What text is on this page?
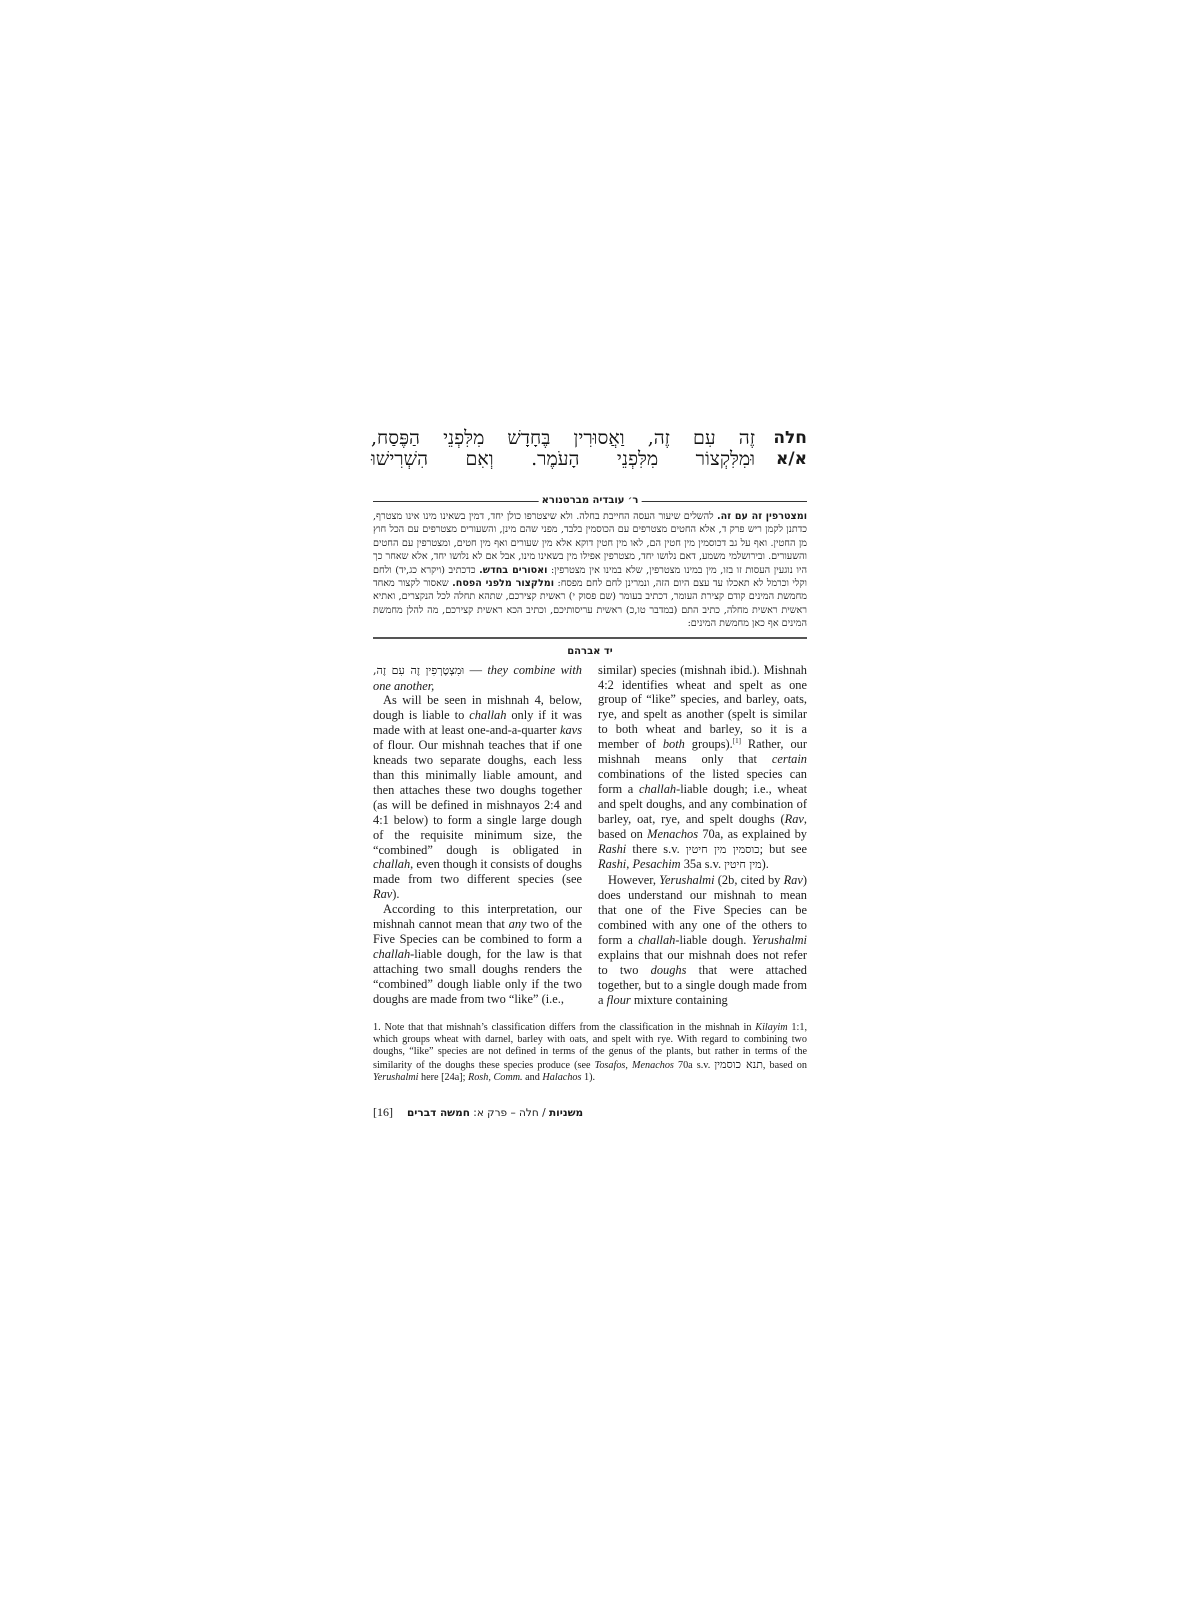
זֶה עִם זֶה, וַאֲסוּרִין בֶּחָדָשׁ מִלִּפְנֵי הַפֶּסַח,
וּמִלִּקְצוֹר מִלִּפְנֵי הָעֹמֶר. וְאִם הִשְׁרִישׁוּ
חלה
א/א
ר׳ עובדיה מברטנורא
ומצטרפין זה עם זה. להשלים שיעור העסה החייבת בחלה. ולא שיצטרפו כולן יחד, דמין בשאינו מינו אינו מצטרף, כדתנן לקמן ריש פרק ד, אלא החטים מצטרפים עם הכוסמין בלבד, מפני שהם מינן, והשעורים מצטרפים עם הכל חוץ מן החטין. ואף על גב דכוסמין מין חטין הם, לאו מין חטין דוקא אלא מין שעורים ואף מין חטים, ומצטרפין עם החטים והשעורים. ובירושלמי משמע, דאם נלושו יחד, מצטרפין אפילו מין בשאינו מינו, אבל אם לא נלושו יחד, אלא שאחר כך היו נוגעין העסות זו בזו, מין במינו מצטרפין, שלא במינו אין מצטרפין: ואסורים בחדש. כדכתיב (ויקרא כג,יד) ולחם וקלי וכרמל לא תאכלו עד עצם היום הזה, ונמרינן לחם לחם מפסח: ומלקצור מלפני הפסח. שאסור לקצור מאחד מחמשת המינים קודם קצירת העומר, דכתיב בעומר (שם פסוק י) ראשית קצירכם, שתהא תחלה לכל הנקצרים, ואתיא ראשית ראשית מחלה, כתיב התם (במדבר טו,כ) ראשית עריסותיכם, וכתיב הכא ראשית קצירכם, מה להלן מחמשת המינים אף כאן מחמשת המינים:
יד אברהם

וּמִצְטָרְפִין זֶה עִם זֶה, — they combine with one another,

As will be seen in mishnah 4, below, dough is liable to challah only if it was made with at least one-and-a-quarter kavs of flour. Our mishnah teaches that if one kneads two separate doughs, each less than this minimally liable amount, and then attaches these two doughs together (as will be defined in mishnayos 2:4 and 4:1 below) to form a single large dough of the requisite minimum size, the “combined” dough is obligated in challah, even though it consists of doughs made from two different species (see Rav).

According to this interpretation, our mishnah cannot mean that any two of the Five Species can be combined to form a challah-liable dough, for the law is that attaching two small doughs renders the “combined” dough liable only if the two doughs are made from two “like” (i.e.,

similar) species (mishnah ibid.). Mishnah 4:2 identifies wheat and spelt as one group of “like” species, and barley, oats, rye, and spelt as another (spelt is similar to both wheat and barley, so it is a member of both groups).[1] Rather, our mishnah means only that certain combinations of the listed species can form a challah-liable dough; i.e., wheat and spelt doughs, and any combination of barley, oat, rye, and spelt doughs (Rav, based on Menachos 70a, as explained by Rashi there s.v. כוסמין מין חיטין; but see Rashi, Pesachim 35a s.v. מין חיטין).

However, Yerushalmi (2b, cited by Rav) does understand our mishnah to mean that one of the Five Species can be combined with any one of the others to form a challah-liable dough. Yerushalmi explains that our mishnah does not refer to two doughs that were attached together, but to a single dough made from a flour mixture containing

1. Note that that mishnah’s classification differs from the classification in the mishnah in Kilayim 1:1, which groups wheat with darnel, barley with oats, and spelt with rye. With regard to combining two doughs, “like” species are not defined in terms of the genus of the plants, but rather in terms of the similarity of the doughs these species produce (see Tosafos, Menachos 70a s.v. תנא כוסמין, based on Yerushalmi here [24a]; Rosh, Comm. and Halachos 1).
משניות / חלה – פרק א: חמשה דברים
[16]
